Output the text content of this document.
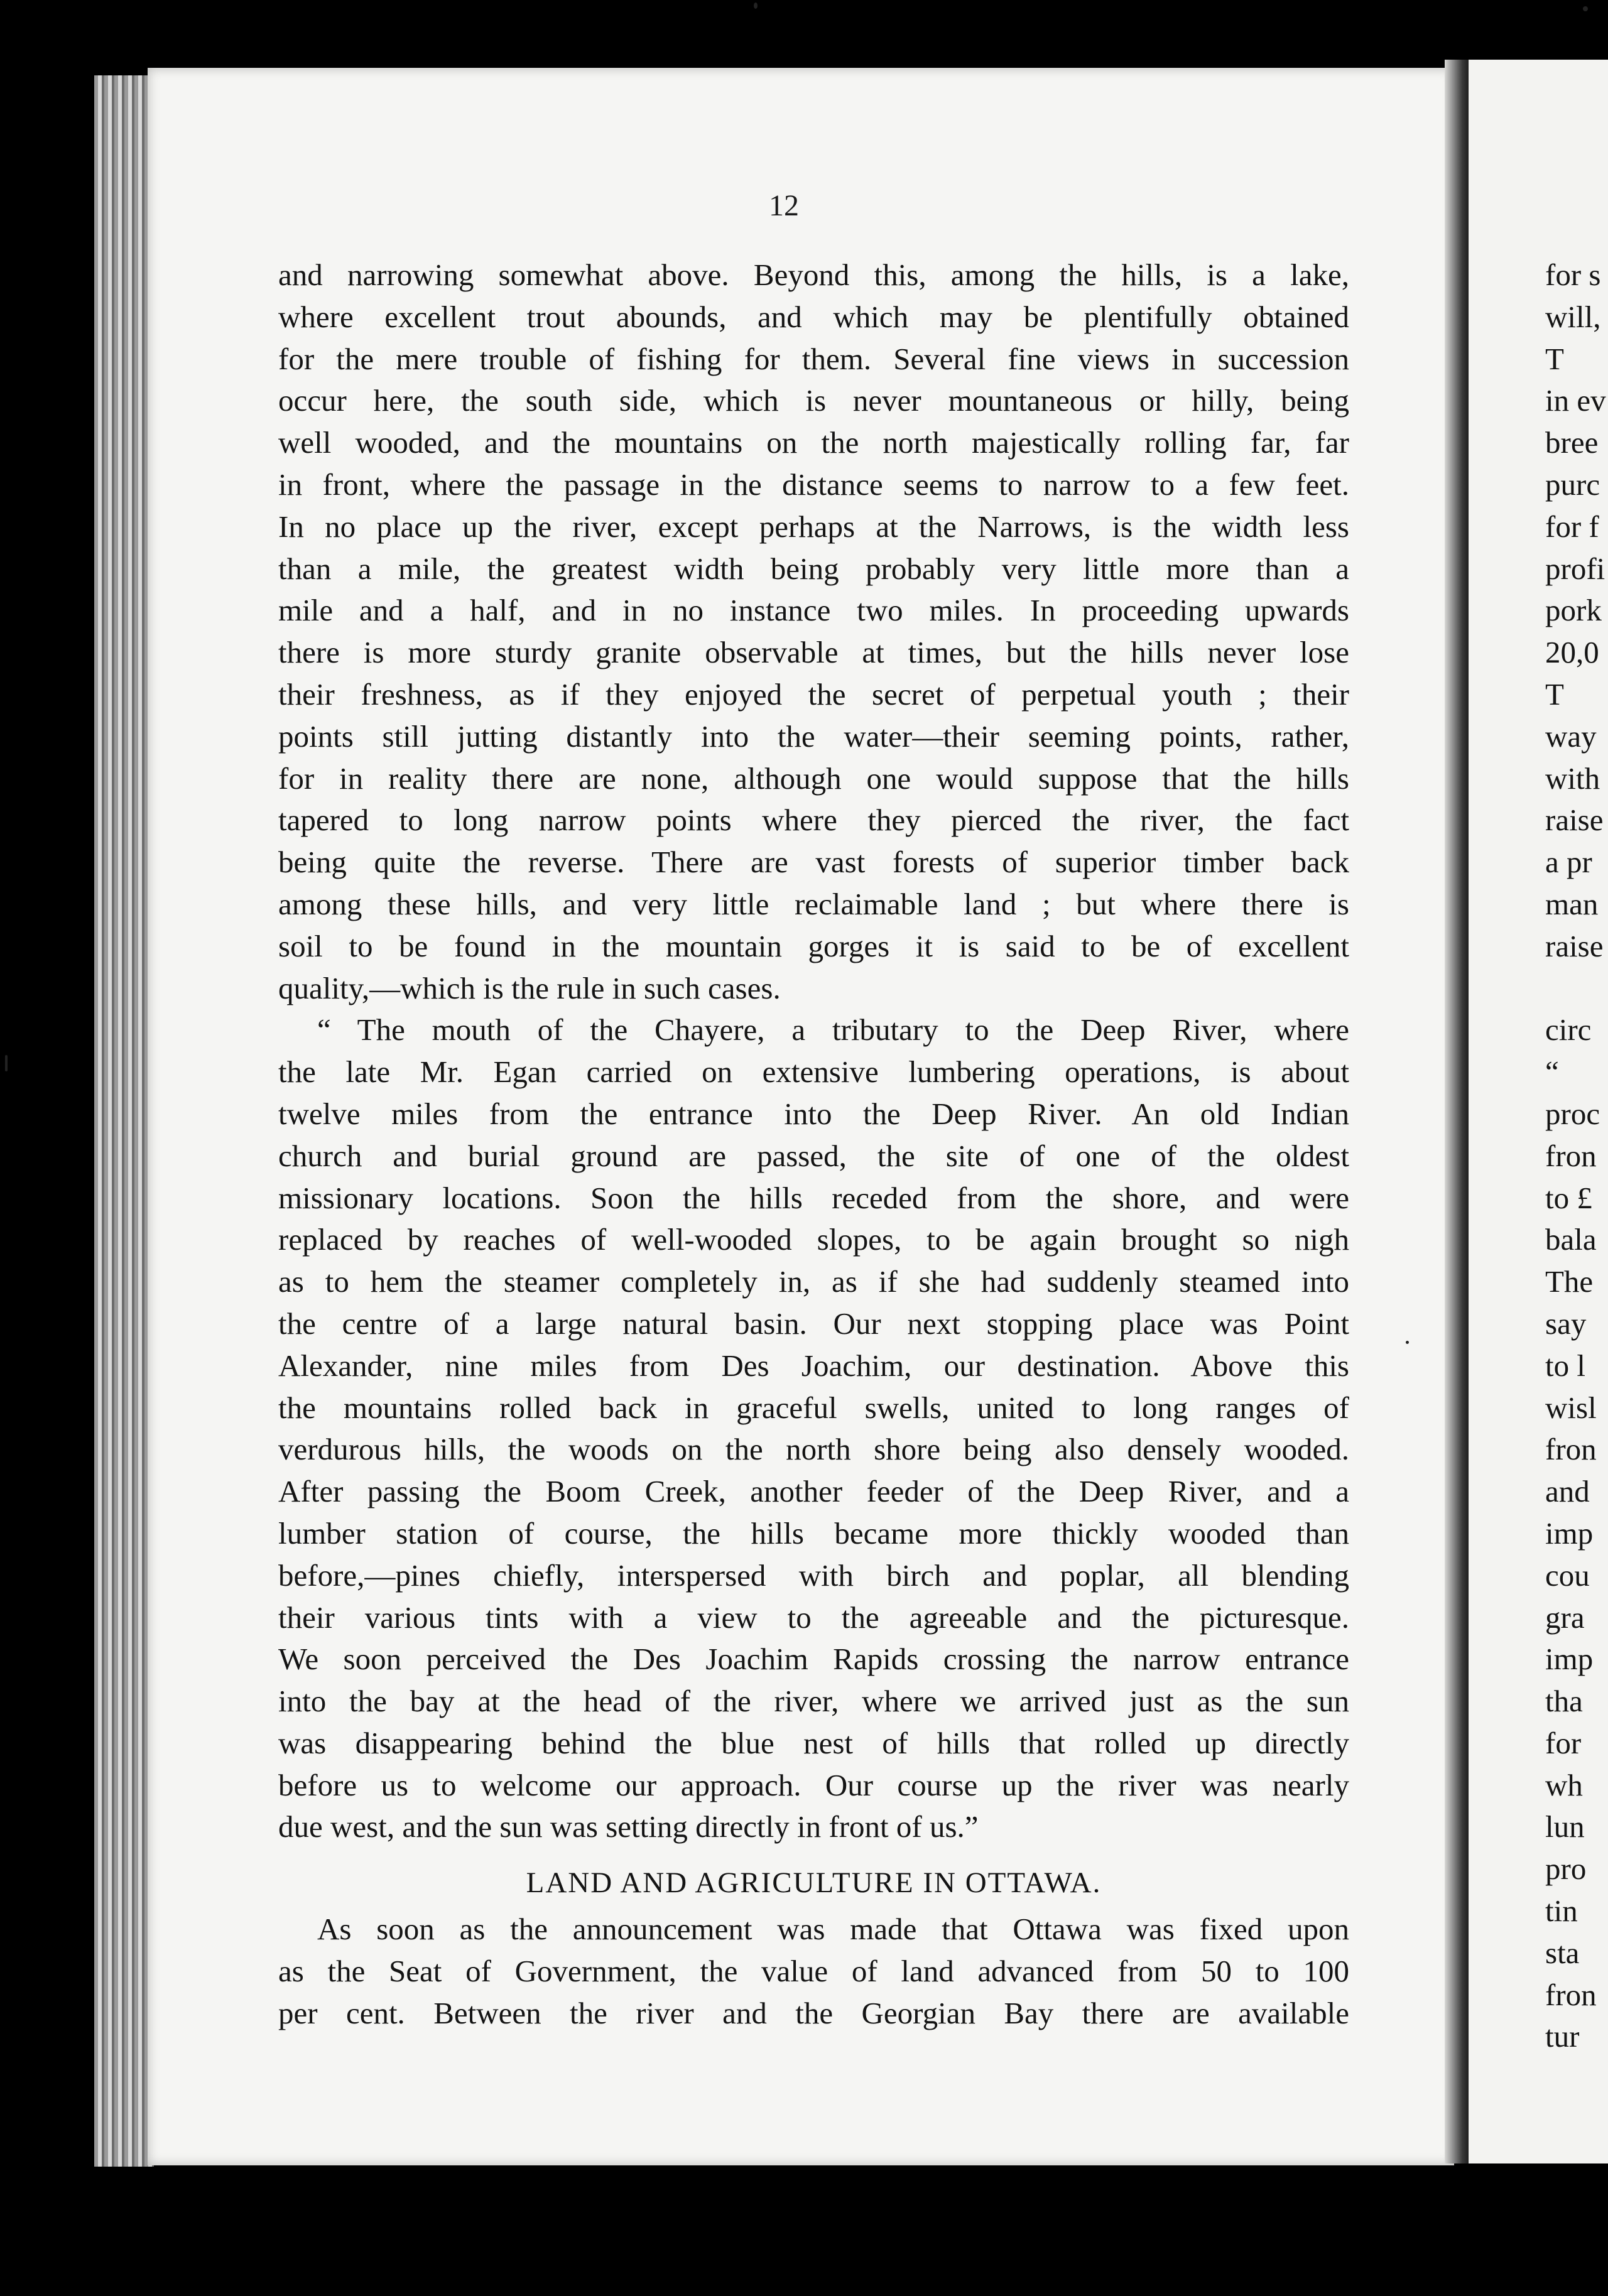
12
and narrowing somewhat above. Beyond this, among the hills, is a lake,
where excellent trout abounds, and which may be plentifully obtained
for the mere trouble of fishing for them. Several fine views in succession
occur here, the south side, which is never mountaneous or hilly, being
well wooded, and the mountains on the north majestically rolling far, far
in front, where the passage in the distance seems to narrow to a few feet.
In no place up the river, except perhaps at the Narrows, is the width less
than a mile, the greatest width being probably very little more than a
mile and a half, and in no instance two miles. In proceeding upwards
there is more sturdy granite observable at times, but the hills never lose
their freshness, as if they enjoyed the secret of perpetual youth ; their
points still jutting distantly into the water—their seeming points, rather,
for in reality there are none, although one would suppose that the hills
tapered to long narrow points where they pierced the river, the fact
being quite the reverse. There are vast forests of superior timber back
among these hills, and very little reclaimable land ; but where there is
soil to be found in the mountain gorges it is said to be of excellent
quality,—which is the rule in such cases.
“ The mouth of the Chayere, a tributary to the Deep River, where
the late Mr. Egan carried on extensive lumbering operations, is about
twelve miles from the entrance into the Deep River. An old Indian
church and burial ground are passed, the site of one of the oldest
missionary locations. Soon the hills receded from the shore, and were
replaced by reaches of well-wooded slopes, to be again brought so nigh
as to hem the steamer completely in, as if she had suddenly steamed into
the centre of a large natural basin. Our next stopping place was Point
Alexander, nine miles from Des Joachim, our destination. Above this
the mountains rolled back in graceful swells, united to long ranges of
verdurous hills, the woods on the north shore being also densely wooded.
After passing the Boom Creek, another feeder of the Deep River, and a
lumber station of course, the hills became more thickly wooded than
before,—pines chiefly, interspersed with birch and poplar, all blending
their various tints with a view to the agreeable and the picturesque.
We soon perceived the Des Joachim Rapids crossing the narrow entrance
into the bay at the head of the river, where we arrived just as the sun
was disappearing behind the blue nest of hills that rolled up directly
before us to welcome our approach. Our course up the river was nearly
due west, and the sun was setting directly in front of us.”
LAND AND AGRICULTURE IN OTTAWA.
As soon as the announcement was made that Ottawa was fixed upon
as the Seat of Government, the value of land advanced from 50 to 100
per cent. Between the river and the Georgian Bay there are available
for s
will,
T
in ev
bree
purc
for f
profi
pork
20,0
T
way
with
raise
a pr
man
raise
circ
“
proc
fron
to £
bala
The
say
to l
wisl
fron
and
imp
cou
gra
imp
tha
for
wh
lun
pro
tin
sta
fron
tur
